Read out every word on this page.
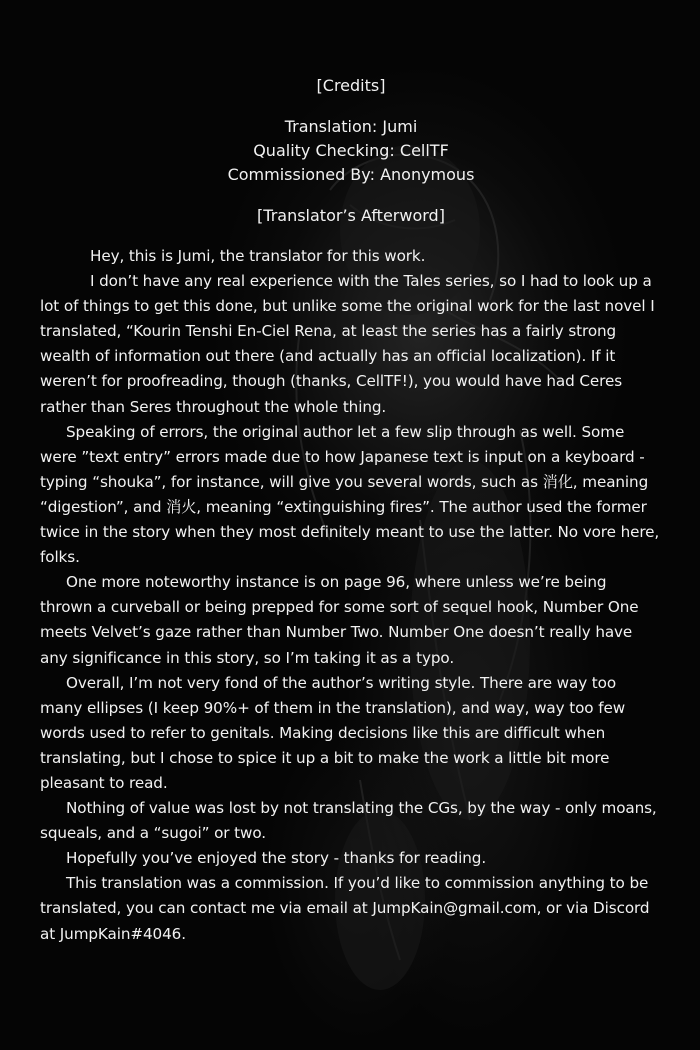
[Credits]

Translation: Jumi

Quality Checking: CellTF

Commissioned By: Anonymous

[Translator’s Afterword]

Hey, this is Jumi, the translator for this work.

I don’t have any real experience with the Tales series, so I had to look up a lot of things to get this done, but unlike some the original work for the last novel I translated, “Kourin Tenshi En-Ciel Rena, at least the series has a fairly strong wealth of information out there (and actually has an official localization). If it weren’t for proofreading, though (thanks, CellTF!), you would have had Ceres rather than Seres throughout the whole thing.

Speaking of errors, the original author let a few slip through as well. Some were ”text entry” errors made due to how Japanese text is input on a keyboard - typing “shouka”, for instance, will give you several words, such as 消化, meaning “digestion”, and 消火, meaning “extinguishing fires”. The author used the former twice in the story when they most definitely meant to use the latter. No vore here, folks.

One more noteworthy instance is on page 96, where unless we’re being thrown a curveball or being prepped for some sort of sequel hook, Number One meets Velvet’s gaze rather than Number Two. Number One doesn’t really have any significance in this story, so I’m taking it as a typo.

Overall, I’m not very fond of the author’s writing style. There are way too many ellipses (I keep 90%+ of them in the translation), and way, way too few words used to refer to genitals. Making decisions like this are difficult when translating, but I chose to spice it up a bit to make the work a little bit more pleasant to read.

Nothing of value was lost by not translating the CGs, by the way - only moans, squeals, and a “sugoi” or two.

Hopefully you’ve enjoyed the story - thanks for reading.

This translation was a commission. If you’d like to commission anything to be translated, you can contact me via email at JumpKain@gmail.com, or via Discord at JumpKain#4046.
